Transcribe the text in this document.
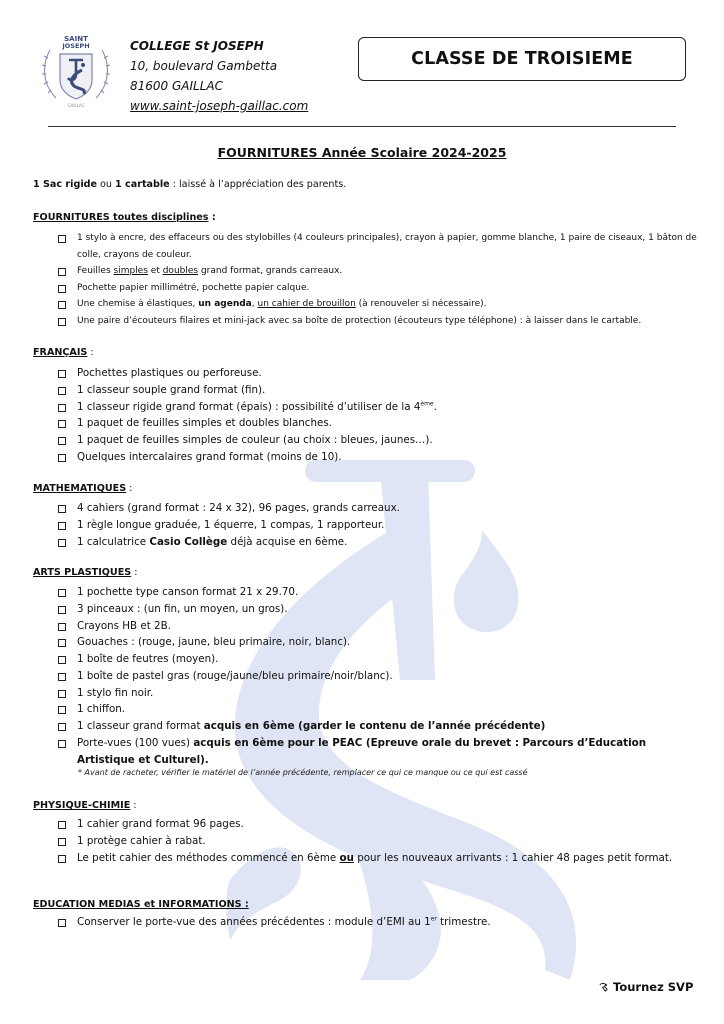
SAINT
JOSEPH
GAILLAC
COLLEGE St JOSEPH
10, boulevard Gambetta
81600 GAILLAC
www.saint-joseph-gaillac.com
CLASSE DE TROISIEME
FOURNITURES Année Scolaire 2024-2025
1 Sac rigide ou 1 cartable : laissé à l’appréciation des parents.
FOURNITURES toutes disciplines :
1 stylo à encre, des effaceurs ou des stylobilles (4 couleurs principales), crayon à papier, gomme blanche, 1 paire de ciseaux, 1 bâton de colle, crayons de couleur.
Feuilles simples et doubles grand format, grands carreaux.
Pochette papier millimétré, pochette papier calque.
Une chemise à élastiques, un agenda, un cahier de brouillon (à renouveler si nécessaire).
Une paire d’écouteurs filaires et mini-jack avec sa boîte de protection (écouteurs type téléphone) : à laisser dans le cartable.
FRANÇAIS :
Pochettes plastiques ou perforeuse.
1 classeur souple grand format (fin).
1 classeur rigide grand format (épais) : possibilité d’utiliser de la 4ème.
1 paquet de feuilles simples et doubles blanches.
1 paquet de feuilles simples de couleur (au choix : bleues, jaunes…).
Quelques intercalaires grand format (moins de 10).
MATHEMATIQUES :
4 cahiers (grand format : 24 x 32), 96 pages, grands carreaux.
1 règle longue graduée, 1 équerre, 1 compas, 1 rapporteur.
1 calculatrice Casio Collège déjà acquise en 6ème.
ARTS PLASTIQUES :
1 pochette type canson format 21 x 29.70.
3 pinceaux : (un fin, un moyen, un gros).
Crayons HB et 2B.
Gouaches : (rouge, jaune, bleu primaire, noir, blanc).
1 boîte de feutres (moyen).
1 boîte de pastel gras (rouge/jaune/bleu primaire/noir/blanc).
1 stylo fin noir.
1 chiffon.
1 classeur grand format acquis en 6ème (garder le contenu de l’année précédente)
Porte-vues (100 vues) acquis en 6ème pour le PEAC (Epreuve orale du brevet : Parcours d’Education Artistique et Culturel).
* Avant de racheter, vérifier le matériel de l’année précédente, remplacer ce qui ce manque ou ce qui est cassé
PHYSIQUE-CHIMIE :
1 cahier grand format 96 pages.
1 protège cahier à rabat.
Le petit cahier des méthodes commencé en 6ème ou pour les nouveaux arrivants : 1 cahier 48 pages petit format.
EDUCATION MEDIAS et INFORMATIONS :
Conserver le porte-vue des années précédentes : module d’EMI au 1er trimestre.
Tournez SVP
